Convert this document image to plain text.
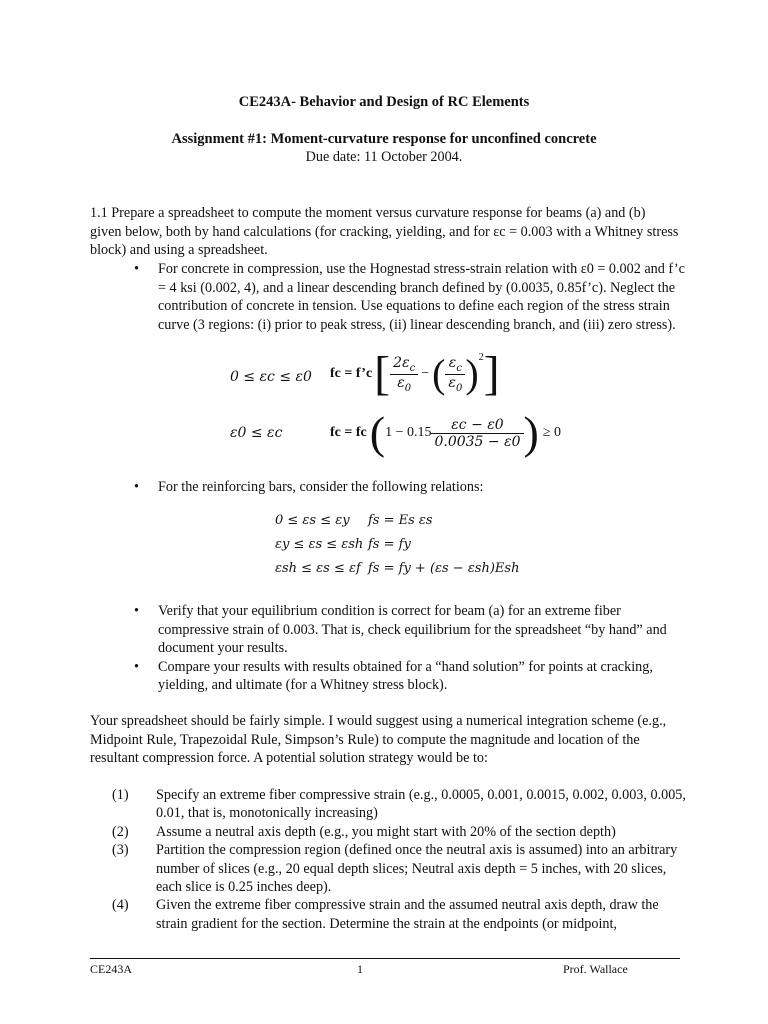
CE243A- Behavior and Design of RC Elements
Assignment #1: Moment-curvature response for unconfined concrete
Due date: 11 October 2004.

1.1 Prepare a spreadsheet to compute the moment versus curvature response for beams (a) and (b) given below, both by hand calculations (for cracking, yielding, and for εc = 0.003 with a Whitney stress block) and using a spreadsheet.

• For concrete in compression, use the Hognestad stress-strain relation with ε0 = 0.002 and f’c = 4 ksi (0.002, 4), and a linear descending branch defined by (0.0035, 0.85f’c). Neglect the contribution of concrete in tension. Use equations to define each region of the stress strain curve (3 regions: (i) prior to peak stress, (ii) linear descending branch, and (iii) zero stress).
0 ≤ εc ≤ ε0 fc = f’c [ $\frac{2\varepsilon_c}{\varepsilon_0}$ − ( $\frac{\varepsilon_c}{\varepsilon_0} )^2$ ]
ε0 ≤ εc	fc = fc ( $1 - 0.15 \frac{\varepsilon c - \varepsilon 0}{0.0035 - \varepsilon 0}$ ) ≥ 0
• For the reinforcing bars, consider the following relations:
0 ≤ εs ≤ εy fs = Es εs
εy ≤ εs ≤ εsh fs = fy
εsh ≤ εs ≤ εf fs = fy + (εs − εsh)Esh
• Verify that your equilibrium condition is correct for beam (a) for an extreme fiber compressive strain of 0.003. That is, check equilibrium for the spreadsheet “by hand” and document your results.
• Compare your results with results obtained for a “hand solution” for points at cracking, yielding, and ultimate (for a Whitney stress block).

Your spreadsheet should be fairly simple. I would suggest using a numerical integration scheme (e.g., Midpoint Rule, Trapezoidal Rule, Simpson’s Rule) to compute the magnitude and location of the resultant compression force. A potential solution strategy would be to:

(1) Specify an extreme fiber compressive strain (e.g., 0.0005, 0.001, 0.0015, 0.002, 0.003, 0.005, 0.01, that is, monotonically increasing)
(2) Assume a neutral axis depth (e.g., you might start with 20% of the section depth)
(3) Partition the compression region (defined once the neutral axis is assumed) into an arbitrary number of slices (e.g., 20 equal depth slices; Neutral axis depth = 5 inches, with 20 slices, each slice is 0.25 inches deep).
(4) Given the extreme fiber compressive strain and the assumed neutral axis depth, draw the strain gradient for the section. Determine the strain at the endpoints (or midpoint,
CE243A	1	Prof. Wallace
